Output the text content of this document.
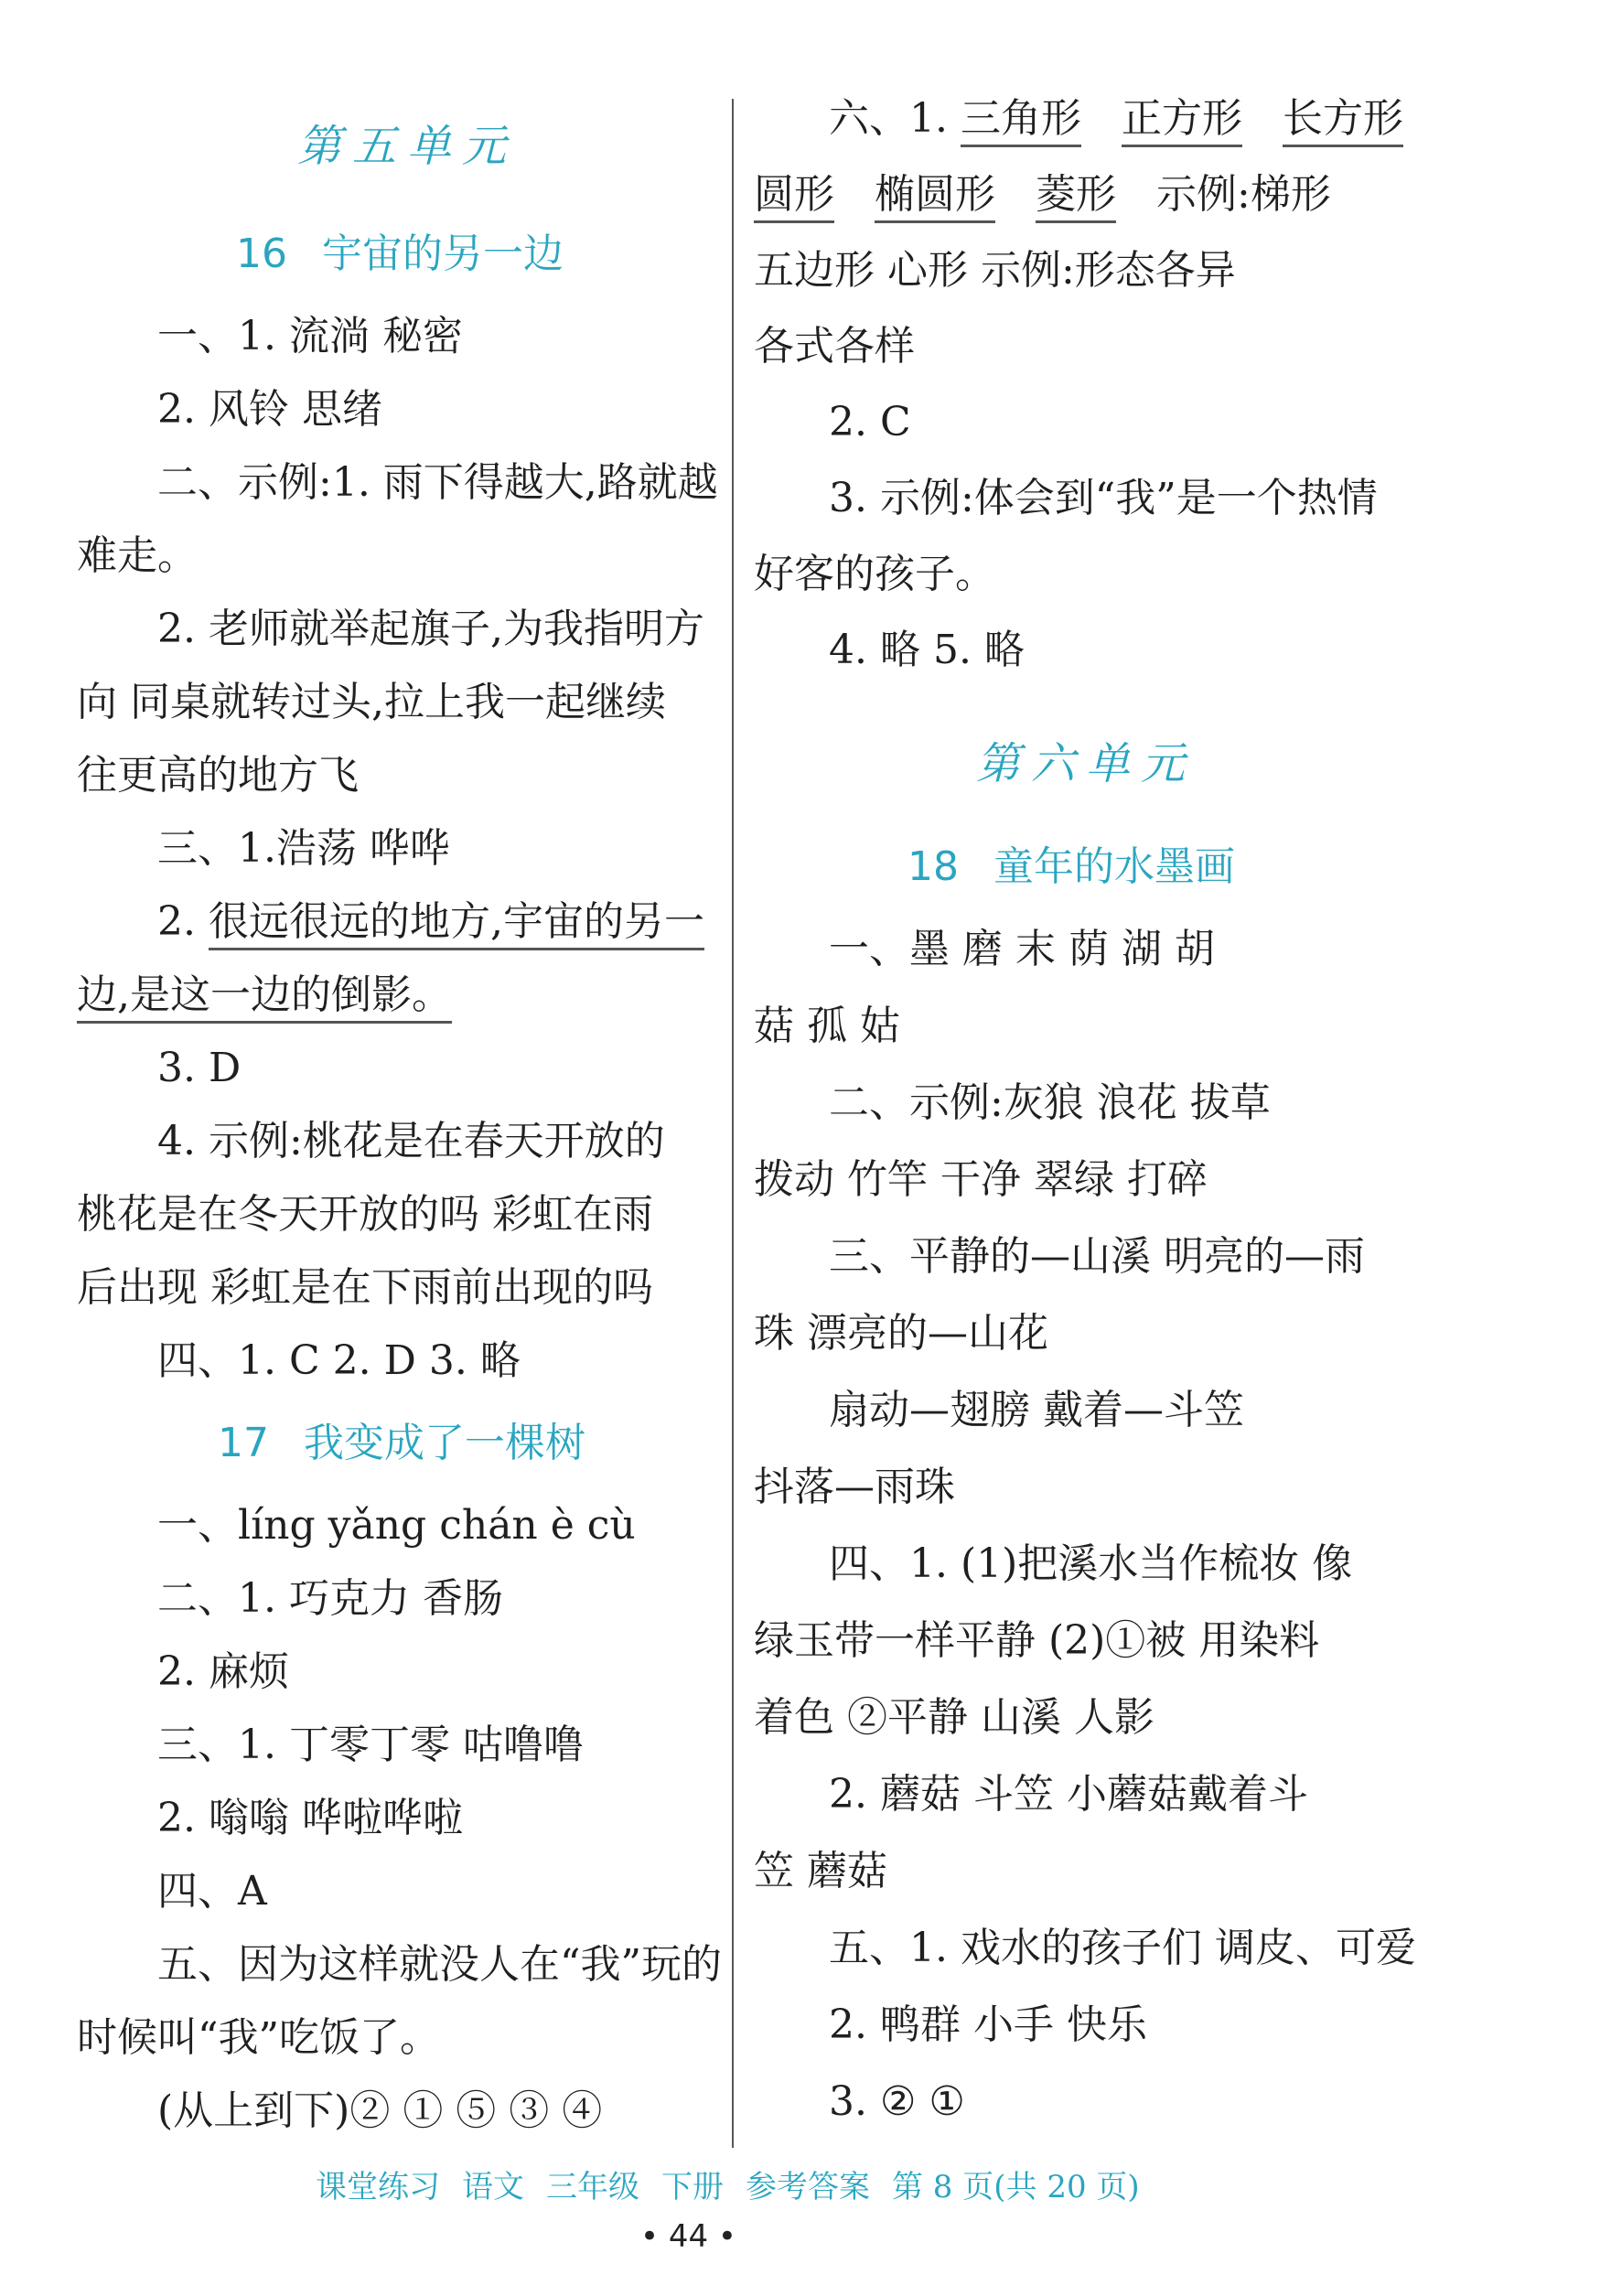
第五单元
16 宇宙的另一边
一、1. 流淌 秘密
2. 风铃 思绪
二、示例:1. 雨下得越大,路就越
难走。
2. 老师就举起旗子,为我指明方
向 同桌就转过头,拉上我一起继续
往更高的地方飞
三、1.浩荡 哗哗
2. 很远很远的地方,宇宙的另一
边,是这一边的倒影。
3. D
4. 示例:桃花是在春天开放的
桃花是在冬天开放的吗 彩虹在雨
后出现 彩虹是在下雨前出现的吗
四、1. C 2. D 3. 略
17 我变成了一棵树
一、líng yǎng chán è cù
二、1. 巧克力 香肠
2. 麻烦
三、1. 丁零丁零 咕噜噜
2. 嗡嗡 哗啦哗啦
四、A
五、因为这样就没人在“我”玩的
时候叫“我”吃饭了。
(从上到下)② ① ⑤ ③ ④
六、1. 三角形 正方形 长方形
圆形 椭圆形 菱形 示例:梯形
五边形 心形 示例:形态各异
各式各样
2. C
3. 示例:体会到“我”是一个热情
好客的孩子。
4. 略 5. 略
第六单元
18 童年的水墨画
一、墨 磨 末 荫 湖 胡
菇 孤 姑
二、示例:灰狼 浪花 拔草
拨动 竹竿 干净 翠绿 打碎
三、平静的—山溪 明亮的—雨
珠 漂亮的—山花
扇动—翅膀 戴着—斗笠
抖落—雨珠
四、1. (1)把溪水当作梳妆 像
绿玉带一样平静 (2)①被 用染料
着色 ②平静 山溪 人影
2. 蘑菇 斗笠 小蘑菇戴着斗
笠 蘑菇
五、1. 戏水的孩子们 调皮、可爱
2. 鸭群 小手 快乐
3. ② ①
课堂练习 语文 三年级 下册 参考答案 第 8 页(共 20 页)
• 44 •
